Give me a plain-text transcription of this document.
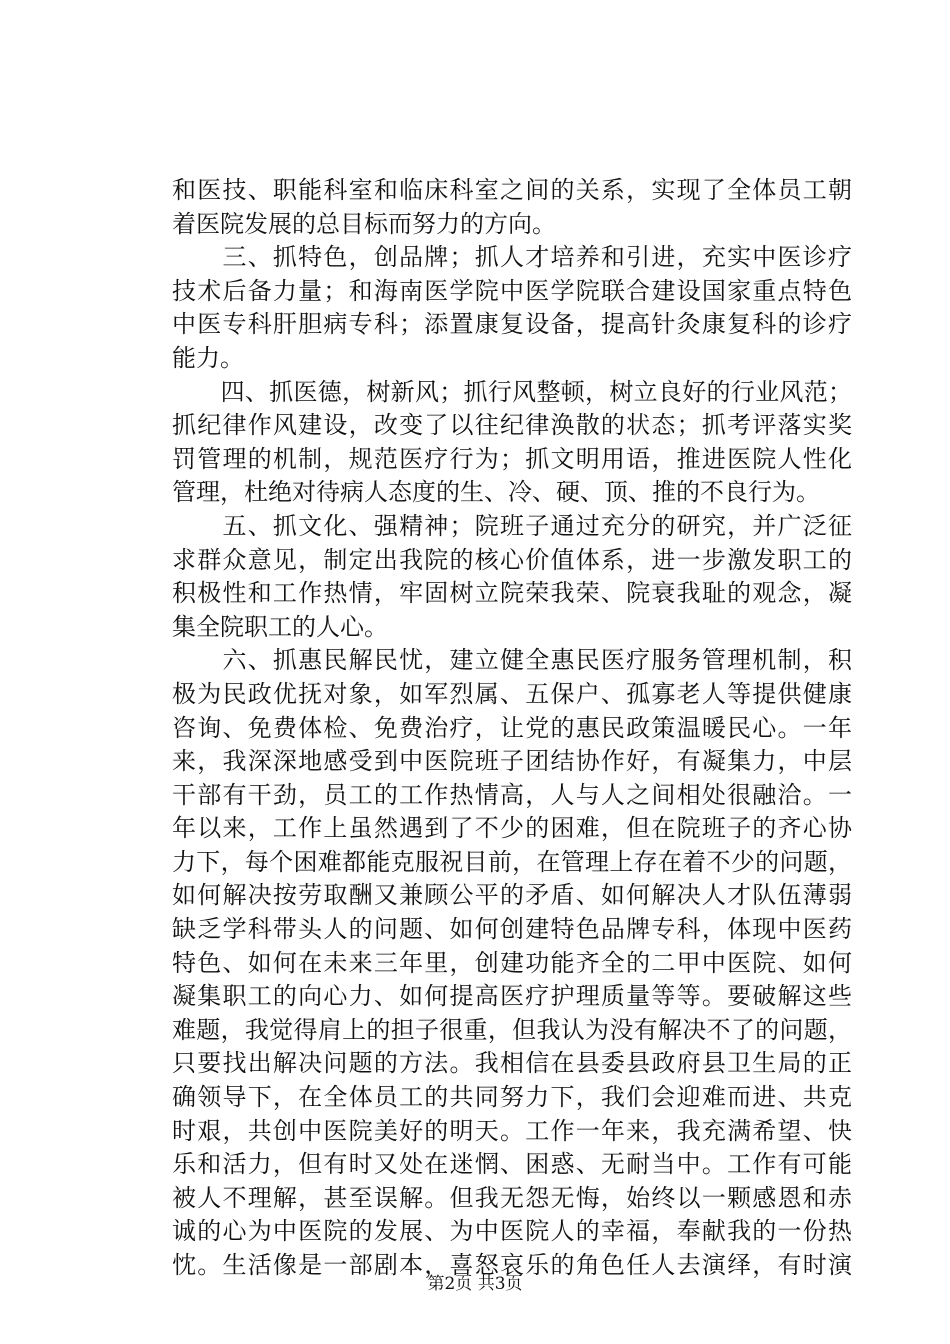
和医技、职能科室和临床科室之间的关系，实现了全体员工朝
着医院发展的总目标而努力的方向。
　　三、抓特色，创品牌；抓人才培养和引进，充实中医诊疗
技术后备力量；和海南医学院中医学院联合建设国家重点特色
中医专科肝胆病专科；添置康复设备，提高针灸康复科的诊疗
能力。
　　四、抓医德，树新风；抓行风整顿，树立良好的行业风范；
抓纪律作风建设，改变了以往纪律涣散的状态；抓考评落实奖
罚管理的机制，规范医疗行为；抓文明用语，推进医院人性化
管理，杜绝对待病人态度的生、冷、硬、顶、推的不良行为。
　　五、抓文化、强精神；院班子通过充分的研究，并广泛征
求群众意见，制定出我院的核心价值体系，进一步激发职工的
积极性和工作热情，牢固树立院荣我荣、院衰我耻的观念，凝
集全院职工的人心。
　　六、抓惠民解民忧，建立健全惠民医疗服务管理机制，积
极为民政优抚对象，如军烈属、五保户、孤寡老人等提供健康
咨询、免费体检、免费治疗，让党的惠民政策温暖民心。一年
来，我深深地感受到中医院班子团结协作好，有凝集力，中层
干部有干劲，员工的工作热情高，人与人之间相处很融洽。一
年以来，工作上虽然遇到了不少的困难，但在院班子的齐心协
力下，每个困难都能克服祝目前，在管理上存在着不少的问题，
如何解决按劳取酬又兼顾公平的矛盾、如何解决人才队伍薄弱
缺乏学科带头人的问题、如何创建特色品牌专科，体现中医药
特色、如何在未来三年里，创建功能齐全的二甲中医院、如何
凝集职工的向心力、如何提高医疗护理质量等等。要破解这些
难题，我觉得肩上的担子很重，但我认为没有解决不了的问题，
只要找出解决问题的方法。我相信在县委县政府县卫生局的正
确领导下，在全体员工的共同努力下，我们会迎难而进、共克
时艰，共创中医院美好的明天。工作一年来，我充满希望、快
乐和活力，但有时又处在迷惘、困惑、无耐当中。工作有可能
被人不理解，甚至误解。但我无怨无悔，始终以一颗感恩和赤
诚的心为中医院的发展、为中医院人的幸福，奉献我的一份热
忱。生活像是一部剧本，喜怒哀乐的角色任人去演绎，有时演
第2页 共3页
